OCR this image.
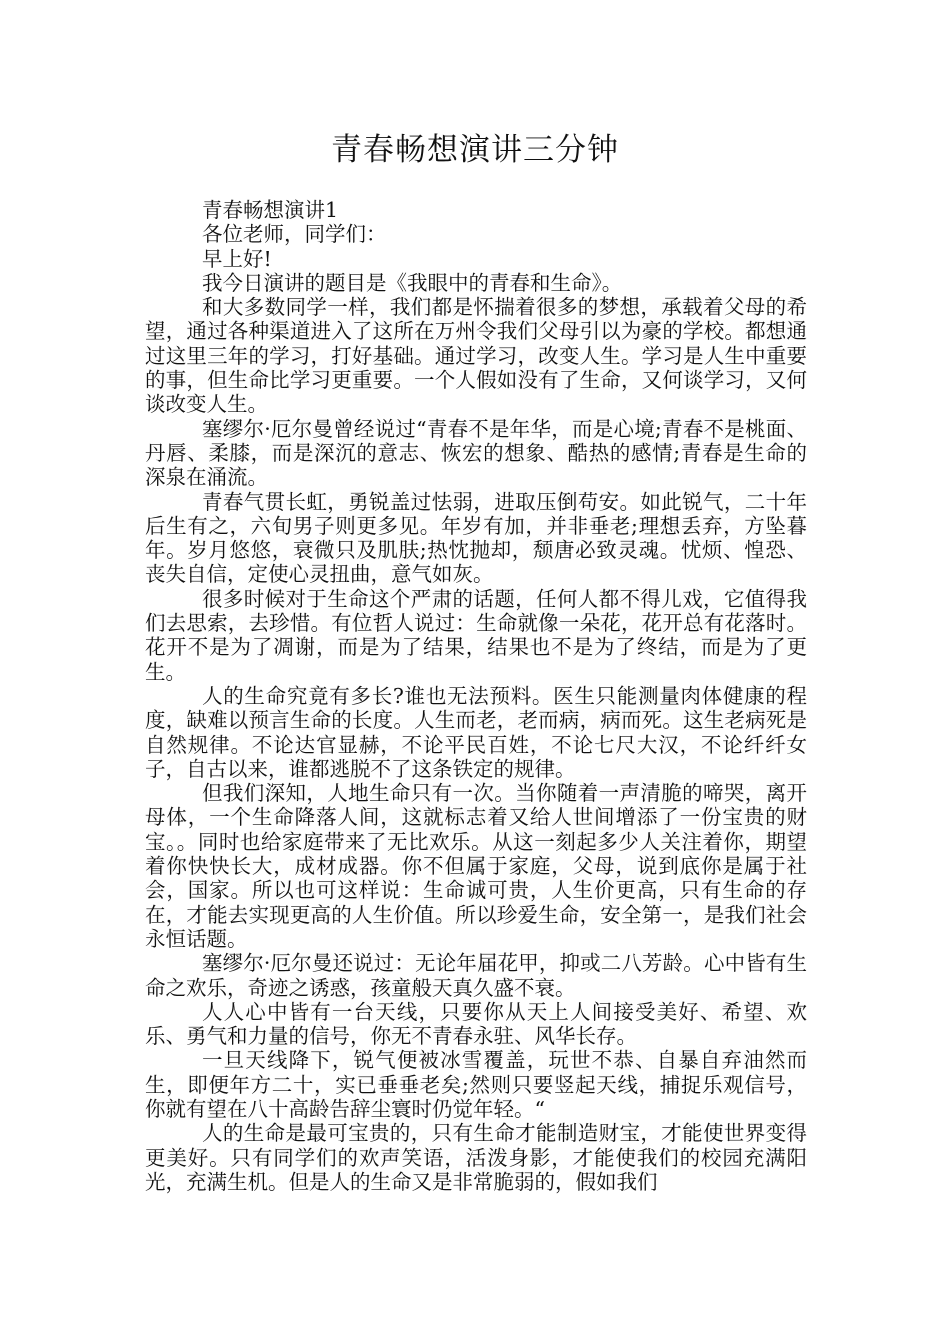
青春畅想演讲三分钟

青春畅想演讲1

各位老师，同学们：

早上好!

我今日演讲的题目是《我眼中的青春和生命》。

和大多数同学一样，我们都是怀揣着很多的梦想，承载着父母的希望，通过各种渠道进入了这所在万州令我们父母引以为豪的学校。都想通过这里三年的学习，打好基础。通过学习，改变人生。学习是人生中重要的事，但生命比学习更重要。一个人假如没有了生命，又何谈学习，又何谈改变人生。

塞缪尔·厄尔曼曾经说过“青春不是年华，而是心境;青春不是桃面、丹唇、柔膝，而是深沉的意志、恢宏的想象、酷热的感情;青春是生命的深泉在涌流。

青春气贯长虹，勇锐盖过怯弱，进取压倒苟安。如此锐气，二十年后生有之，六旬男子则更多见。年岁有加，并非垂老;理想丢弃，方坠暮年。岁月悠悠，衰微只及肌肤;热忱抛却，颓唐必致灵魂。忧烦、惶恐、丧失自信，定使心灵扭曲，意气如灰。

很多时候对于生命这个严肃的话题，任何人都不得儿戏，它值得我们去思索，去珍惜。有位哲人说过：生命就像一朵花，花开总有花落时。花开不是为了凋谢，而是为了结果，结果也不是为了终结，而是为了更生。

人的生命究竟有多长?谁也无法预料。医生只能测量肉体健康的程度，缺难以预言生命的长度。人生而老，老而病，病而死。这生老病死是自然规律。不论达官显赫，不论平民百姓，不论七尺大汉，不论纤纤女子，自古以来，谁都逃脱不了这条铁定的规律。

但我们深知，人地生命只有一次。当你随着一声清脆的啼哭，离开母体，一个生命降落人间，这就标志着又给人世间增添了一份宝贵的财宝。。同时也给家庭带来了无比欢乐。从这一刻起多少人关注着你，期望着你快快长大，成材成器。你不但属于家庭，父母，说到底你是属于社会，国家。所以也可这样说：生命诚可贵，人生价更高，只有生命的存在，才能去实现更高的人生价值。所以珍爱生命，安全第一，是我们社会永恒话题。

塞缪尔·厄尔曼还说过：无论年届花甲，抑或二八芳龄。心中皆有生命之欢乐，奇迹之诱惑，孩童般天真久盛不衰。

人人心中皆有一台天线，只要你从天上人间接受美好、希望、欢乐、勇气和力量的信号，你无不青春永驻、风华长存。

一旦天线降下，锐气便被冰雪覆盖，玩世不恭、自暴自弃油然而生，即便年方二十，实已垂垂老矣;然则只要竖起天线，捕捉乐观信号，你就有望在八十高龄告辞尘寰时仍觉年轻。“

人的生命是最可宝贵的，只有生命才能制造财宝，才能使世界变得更美好。只有同学们的欢声笑语，活泼身影，才能使我们的校园充满阳光，充满生机。但是人的生命又是非常脆弱的，假如我们
